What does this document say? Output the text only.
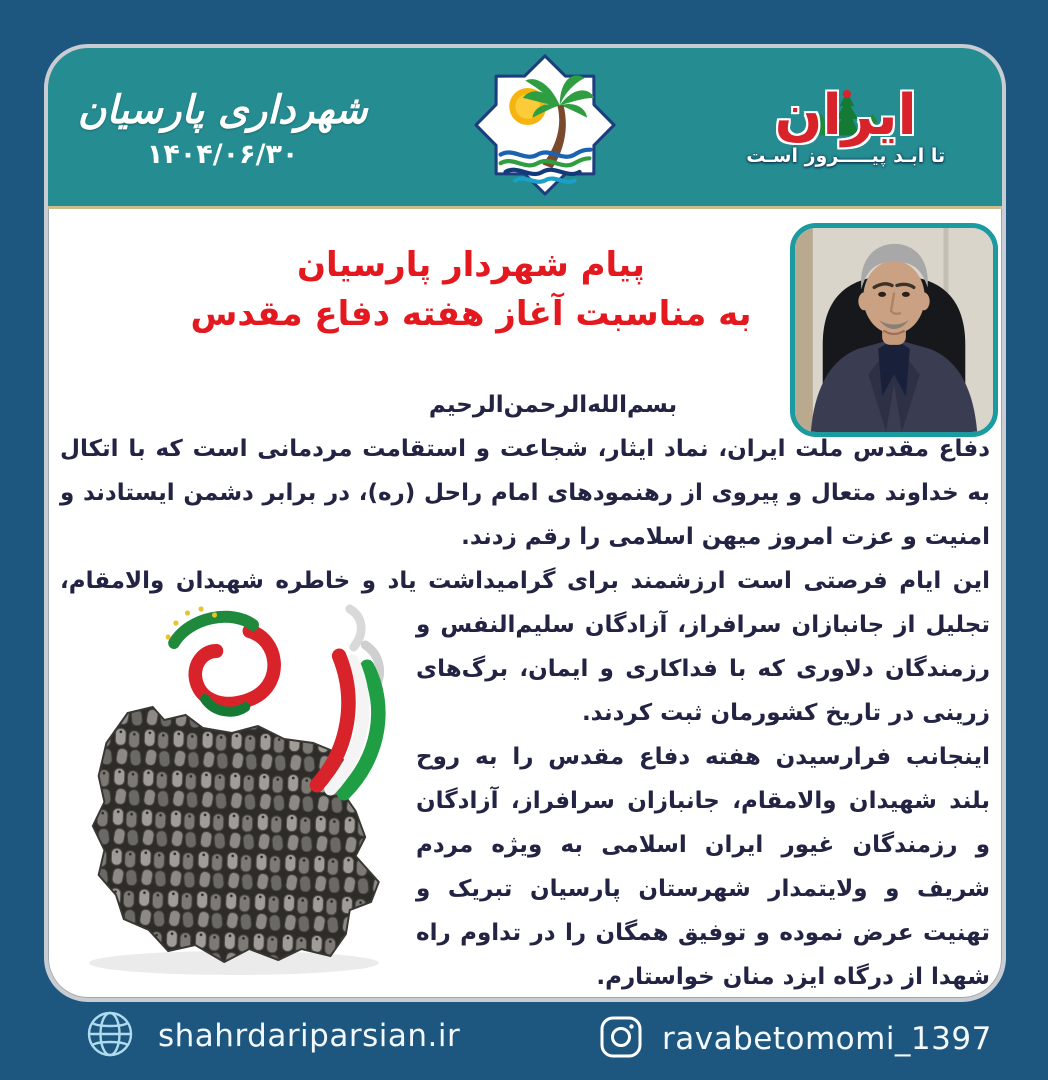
شهرداری پارسیان
۱۴۰۴/۰۶/۳۰
ایران
تا ابـد پیـــــروز اسـت
پیام شهردار پارسیان
به مناسبت آغاز هفته دفاع مقدس
بسم‌الله‌الرحمن‌الرحیم

دفاع مقدس ملت ایران، نماد ایثار، شجاعت و استقامت مردمانی است که با اتکال به خداوند متعال و پیروی از رهنمودهای امام راحل (ره)، در برابر دشمن ایستادند و امنیت و عزت امروز میهن اسلامی را رقم زدند.

این ایام فرصتی است ارزشمند برای گرامیداشت یاد و خاطره شهیدان والامقام، تجلیل از جانبازان
سرافراز، آزادگان سلیم‌النفس و رزمندگان دلاوری که با فداکاری و ایمان، برگ‌های زرینی در تاریخ کشورمان ثبت کردند.

اینجانب فرارسیدن هفته دفاع مقدس را به روح بلند شهیدان والامقام، جانبازان سرافراز، آزادگان و رزمندگان غیور ایران اسلامی به ویژه مردم شریف و ولایتمدار شهرستان پارسیان تبریک و تهنیت عرض نموده و توفیق همگان را در تداوم راه شهدا از درگاه ایزد منان خواستارم.

shahrdariparsian.ir	ravabetomomi_1397
